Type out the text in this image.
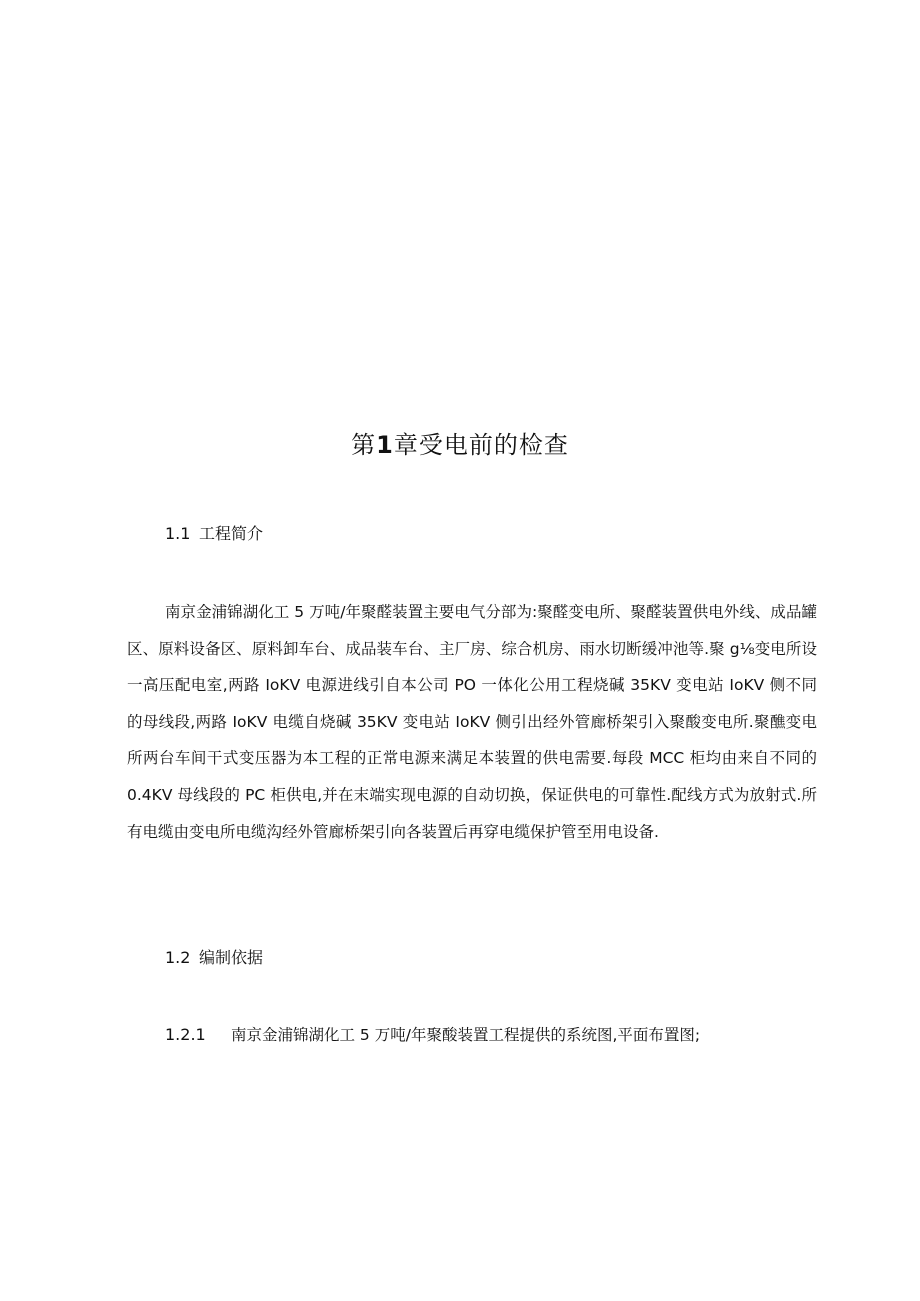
第1章受电前的检查
1.1 工程简介
南京金浦锦湖化工 5 万吨/年聚醛装置主要电气分部为:聚醛变电所、聚醛装置供电外线、成品罐
区、原料设备区、原料卸车台、成品装车台、主厂房、综合机房、雨水切断缓冲池等.聚 g⅛变电所设
一高压配电室,两路 IoKV 电源进线引自本公司 PO 一体化公用工程烧碱 35KV 变电站 IoKV 侧不同
的母线段,两路 IoKV 电缆自烧碱 35KV 变电站 IoKV 侧引出经外管廊桥架引入聚酸变电所.聚醮变电
所两台车间干式变压器为本工程的正常电源来满足本装置的供电需要.每段 MCC 柜均由来自不同的
0.4KV 母线段的 PC 柜供电,并在末端实现电源的自动切换，保证供电的可靠性.配线方式为放射式.所
有电缆由变电所电缆沟经外管廊桥架引向各装置后再穿电缆保护管至用电设备.
1.2 编制依据
1.2.1 南京金浦锦湖化工 5 万吨/年聚酸装置工程提供的系统图,平面布置图;
